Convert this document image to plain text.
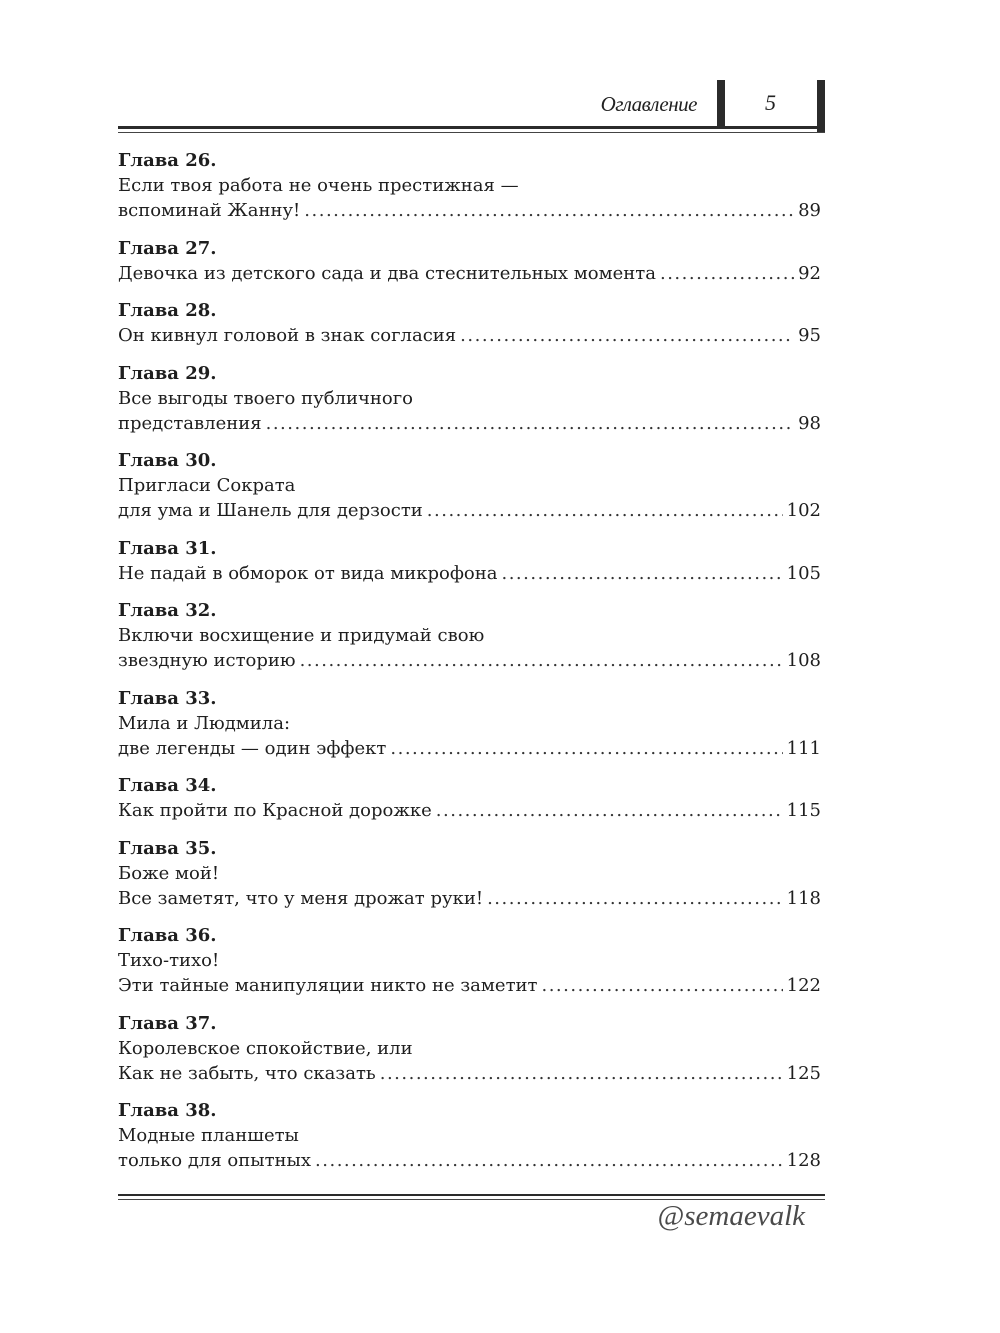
Оглавление	5
Глава 26.
Если твоя работа не очень престижная —
вспоминай Жанну! .....	89
Глава 27.
Девочка из детского сада и два стеснительных момента .....	92
Глава 28.
Он кивнул головой в знак согласия .....	95
Глава 29.
Все выгоды твоего публичного
представления .....	98
Глава 30.
Пригласи Сократа
для ума и Шанель для дерзости .....	102
Глава 31.
Не падай в обморок от вида микрофона .....	105
Глава 32.
Включи восхищение и придумай свою
звездную историю .....	108
Глава 33.
Мила и Людмила:
две легенды — один эффект .....	111
Глава 34.
Как пройти по Красной дорожке .....	115
Глава 35.
Боже мой!
Все заметят, что у меня дрожат руки! .....	118
Глава 36.
Тихо-тихо!
Эти тайные манипуляции никто не заметит .....	122
Глава 37.
Королевское спокойствие, или
Как не забыть, что сказать .....	125
Глава 38.
Модные планшеты
только для опытных .....	128
@semaevalk
